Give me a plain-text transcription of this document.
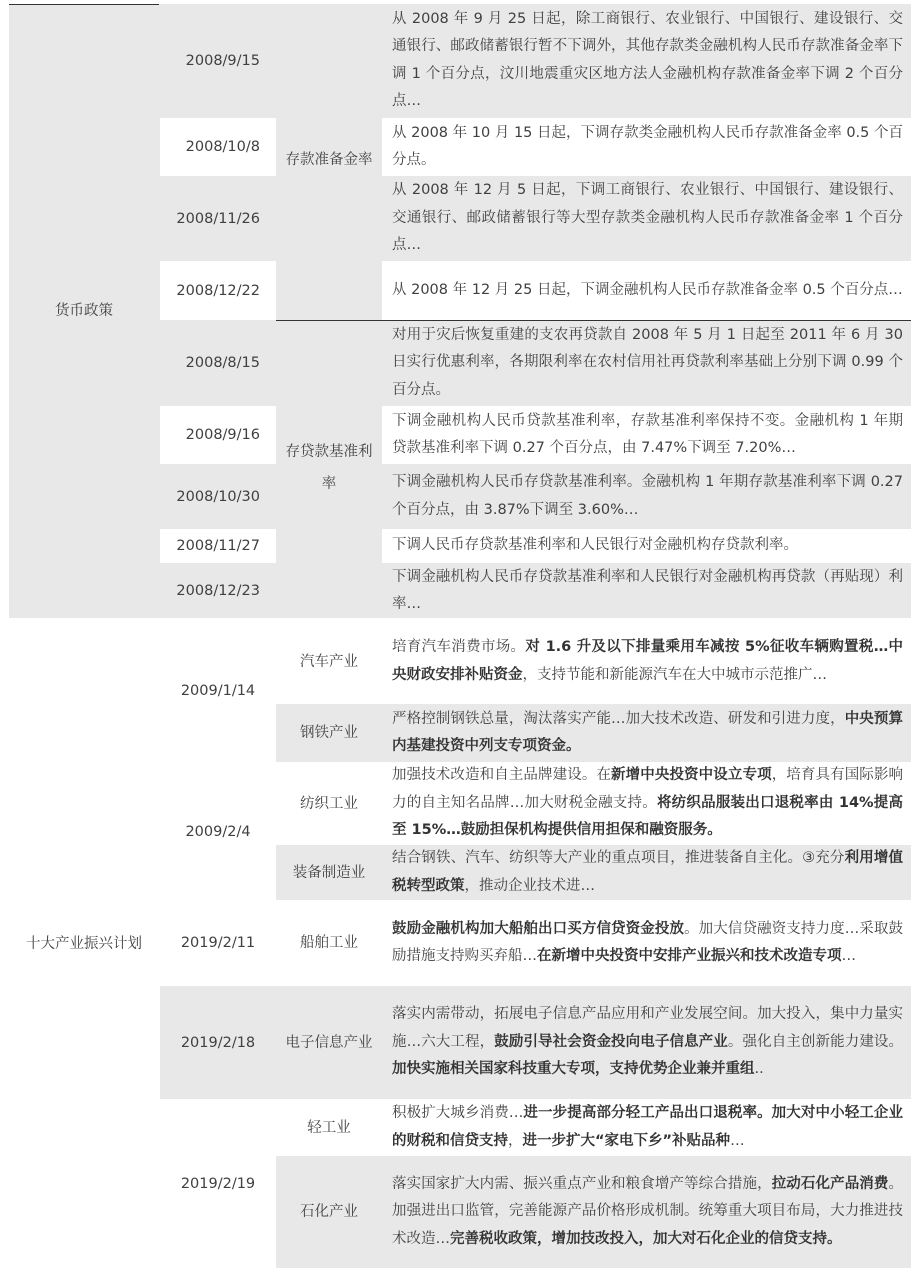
2008/9/15
从 2008 年 9 月 25 日起，除工商银行、农业银行、中国银行、建设银行、交通银行、邮政储蓄银行暂不下调外，其他存款类金融机构人民币存款准备金率下调 1 个百分点，汶川地震重灾区地方法人金融机构存款准备金率下调 2 个百分点…
2008/10/8
从 2008 年 10 月 15 日起，下调存款类金融机构人民币存款准备金率 0.5 个百分点。
2008/11/26
从 2008 年 12 月 5 日起，下调工商银行、农业银行、中国银行、建设银行、交通银行、邮政储蓄银行等大型存款类金融机构人民币存款准备金率 1 个百分点…
2008/12/22	从 2008 年 12 月 25 日起，下调金融机构人民币存款准备金率 0.5 个百分点…
2008/8/15
对用于灾后恢复重建的支农再贷款自 2008 年 5 月 1 日起至 2011 年 6 月 30 日实行优惠利率，各期限利率在农村信用社再贷款利率基础上分别下调 0.99 个百分点。
2008/9/16
下调金融机构人民币贷款基准利率，存款基准利率保持不变。金融机构 1 年期贷款基准利率下调 0.27 个百分点，由 7.47%下调至 7.20%…
2008/10/30
下调金融机构人民币存贷款基准利率。金融机构 1 年期存款基准利率下调 0.27 个百分点，由 3.87%下调至 3.60%…
2008/11/27	下调人民币存贷款基准利率和人民银行对金融机构存贷款利率。
2008/12/23
下调金融机构人民币存贷款基准利率和人民银行对金融机构再贷款（再贴现）利率…
存款准备金率
存贷款基准利率
货币政策
汽车产业
培育汽车消费市场。对 1.6 升及以下排量乘用车减按 5%征收车辆购置税…中央财政安排补贴资金，支持节能和新能源汽车在大中城市示范推广…
钢铁产业
严格控制钢铁总量，淘汰落实产能…加大技术改造、研发和引进力度，中央预算内基建投资中列支专项资金。
纺织工业
加强技术改造和自主品牌建设。在新增中央投资中设立专项，培育具有国际影响力的自主知名品牌…加大财税金融支持。将纺织品服装出口退税率由 14%提高至 15%…鼓励担保机构提供信用担保和融资服务。
装备制造业
结合钢铁、汽车、纺织等大产业的重点项目，推进装备自主化。③充分利用增值税转型政策，推动企业技术进…
船舶工业
鼓励金融机构加大船舶出口买方信贷资金投放。加大信贷融资支持力度…采取鼓励措施支持购买弃船…在新增中央投资中安排产业振兴和技术改造专项…
电子信息产业
落实内需带动，拓展电子信息产品应用和产业发展空间。加大投入，集中力量实施…六大工程，鼓励引导社会资金投向电子信息产业。强化自主创新能力建设。加快实施相关国家科技重大专项，支持优势企业兼并重组..
轻工业
积极扩大城乡消费…进一步提高部分轻工产品出口退税率。加大对中小轻工企业的财税和信贷支持，进一步扩大“家电下乡”补贴品种…
石化产业
落实国家扩大内需、振兴重点产业和粮食增产等综合措施，拉动石化产品消费。加强进出口监管，完善能源产品价格形成机制。统筹重大项目布局，大力推进技术改造…完善税收政策，增加技改投入，加大对石化企业的信贷支持。
2009/1/14
2009/2/4
2019/2/11
2019/2/18
2019/2/19
十大产业振兴计划
